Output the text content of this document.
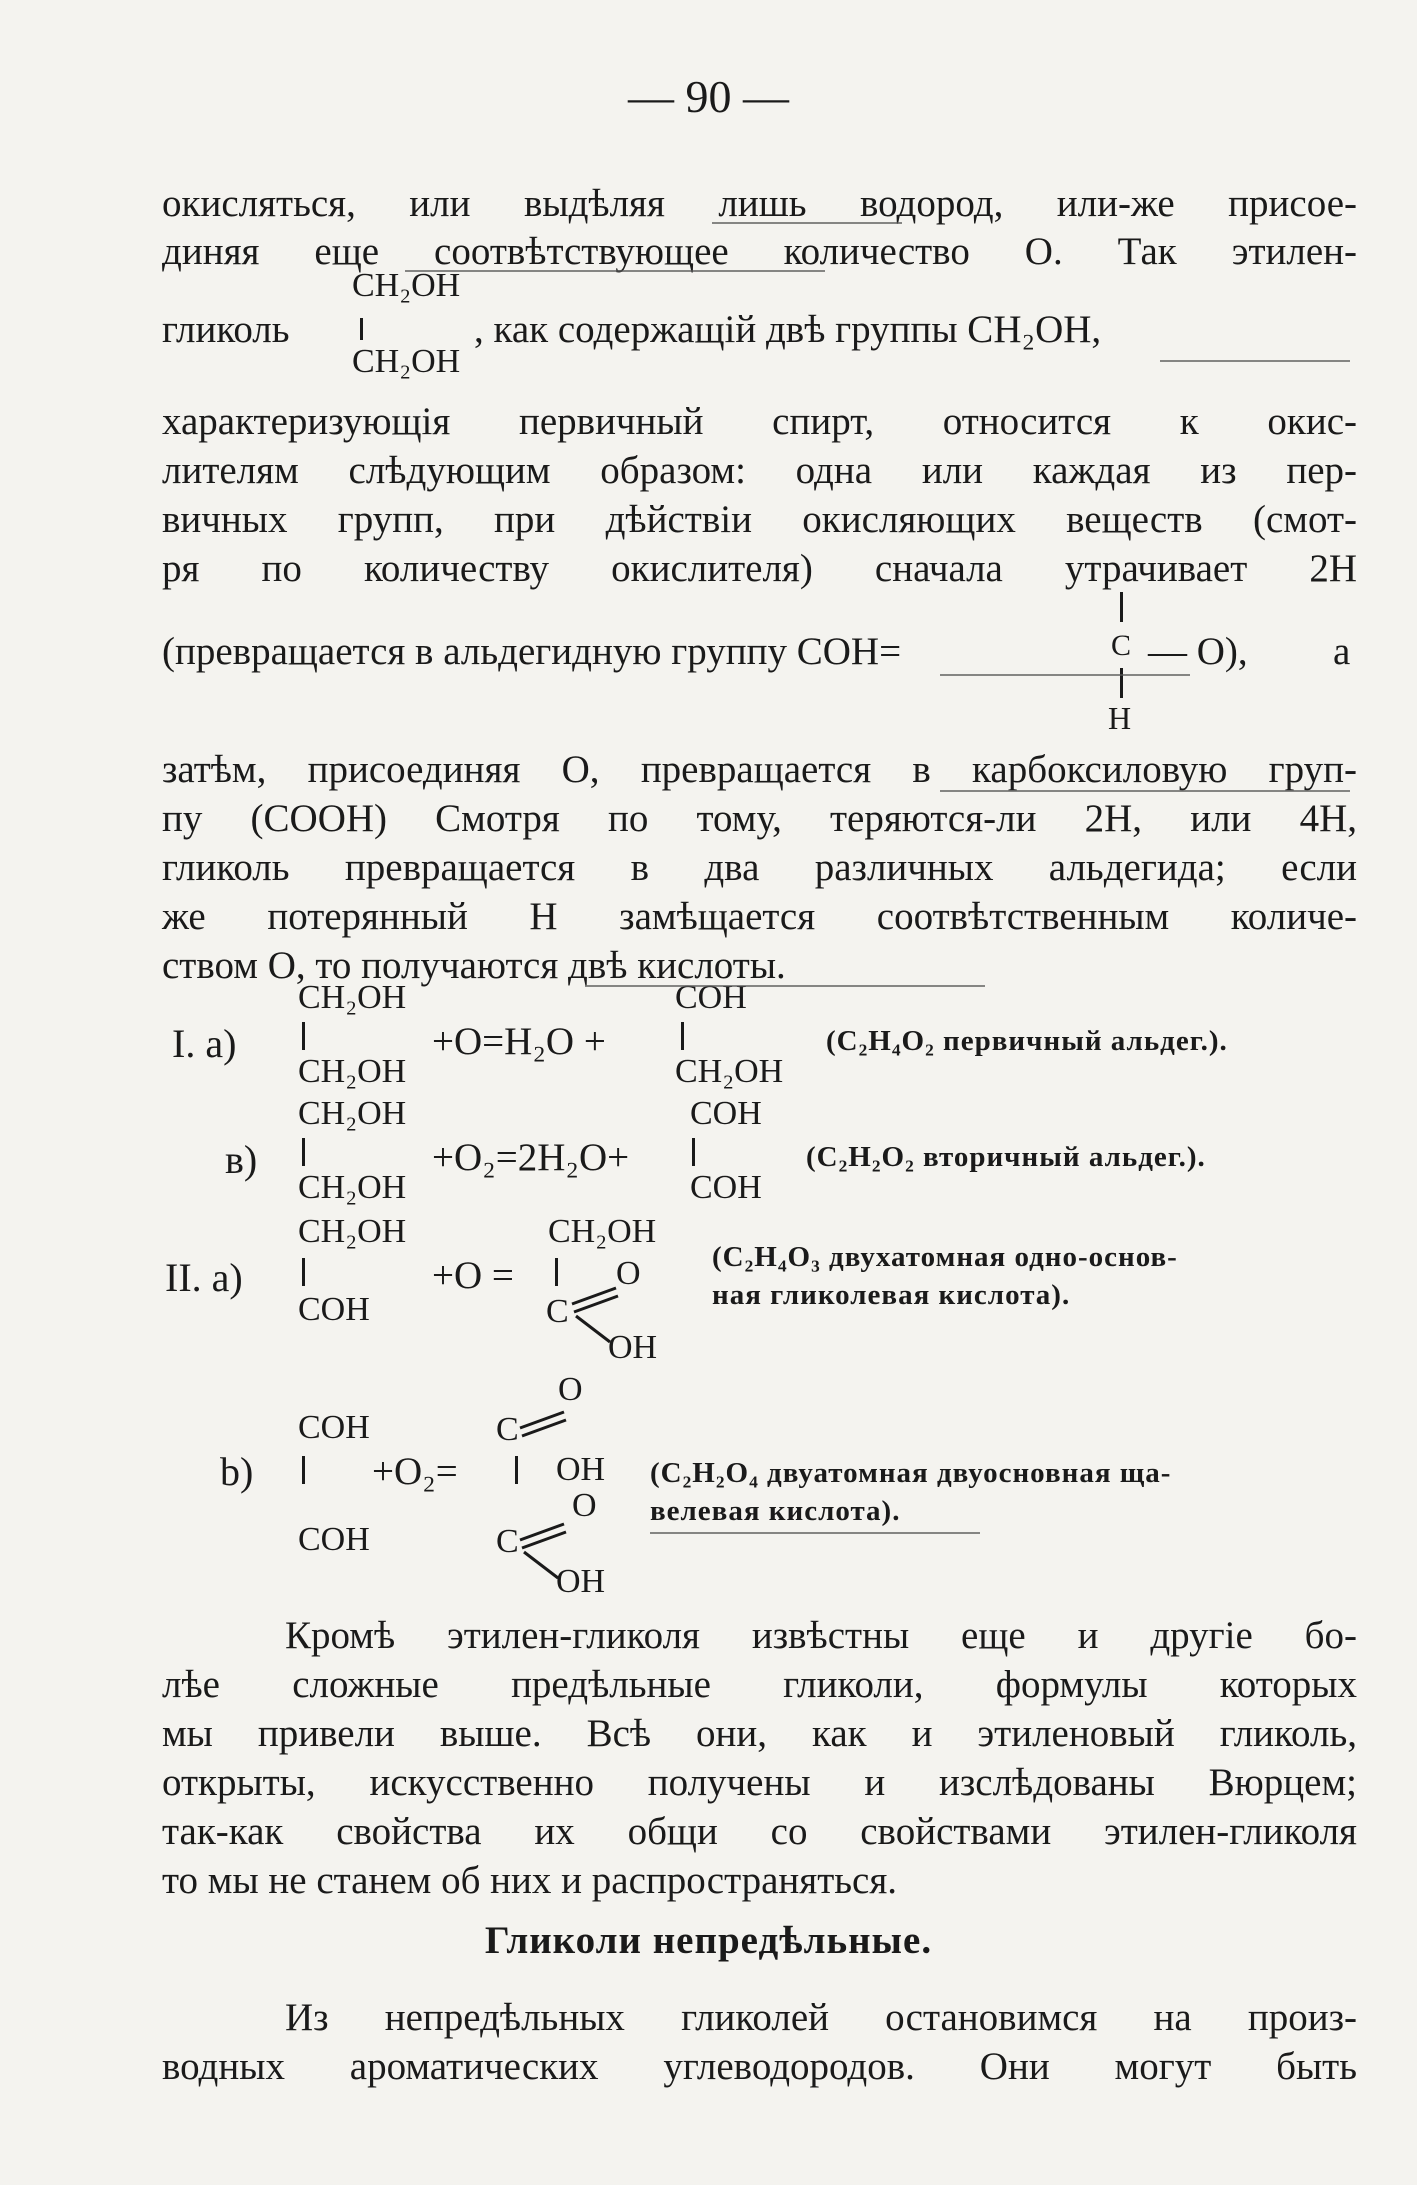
— 90 —
окисляться, или выдѣляя лишь водород, или-же присое-
диняя еще соотвѣтствующее количество O. Так этилен-
гликоль
CH₂OH
CH₂OH
, как содержащій двѣ группы CH₂OH,
характеризующія первичный спирт, относится к окис-
лителям слѣдующим образом: одна или каждая из пер-
вичных групп, при дѣйствіи окисляющих веществ (смот-
ря по количеству окислителя) сначала утрачивает 2H
(превращается в альдегидную группу COH=	C
H
— O), а
затѣм, присоединяя O, превращается в карбоксиловую груп-
пу (COOH) Смотря по тому, теряются-ли 2H, или 4H,
гликоль превращается в два различных альдегида; если
же потерянный H замѣщается соотвѣтственным количе-
ством O, то получаются двѣ кислоты.
CH₂OH
I. a)	+O=H₂O +
COH
CH₂OH	CH₂OH
(C₂H₄O₂ первичный альдег.).
CH₂OH
в)	+O₂=2H₂O+
COH
CH₂OH	COH
(C₂H₂O₂ вторичный альдег.).
CH₂OH
II. a)	+O =
COH
CH₂OH
O
C
OH
(C₂H₄O₃ двухатомная одно-основ-
ная гликолевая кислота).
O
COH	C
b)	+O₂=	OH (C₂H₂O₄ двуатомная двуосновная ща-
O велевая кислота).
COH	C
OH
Кромѣ этилен-гликоля извѣстны еще и другіе бо-
лѣе сложные предѣльные гликоли, формулы которых
мы привели выше. Всѣ они, как и этиленовый гликоль,
открыты, искусственно получены и изслѣдованы Вюрцем;
так-как свойства их общи со свойствами этилен-гликоля
то мы не станем об них и распространяться.
Гликоли непредѣльные.
Из непредѣльных гликолей остановимся на произ-
водных ароматических углеводородов. Они могут быть
